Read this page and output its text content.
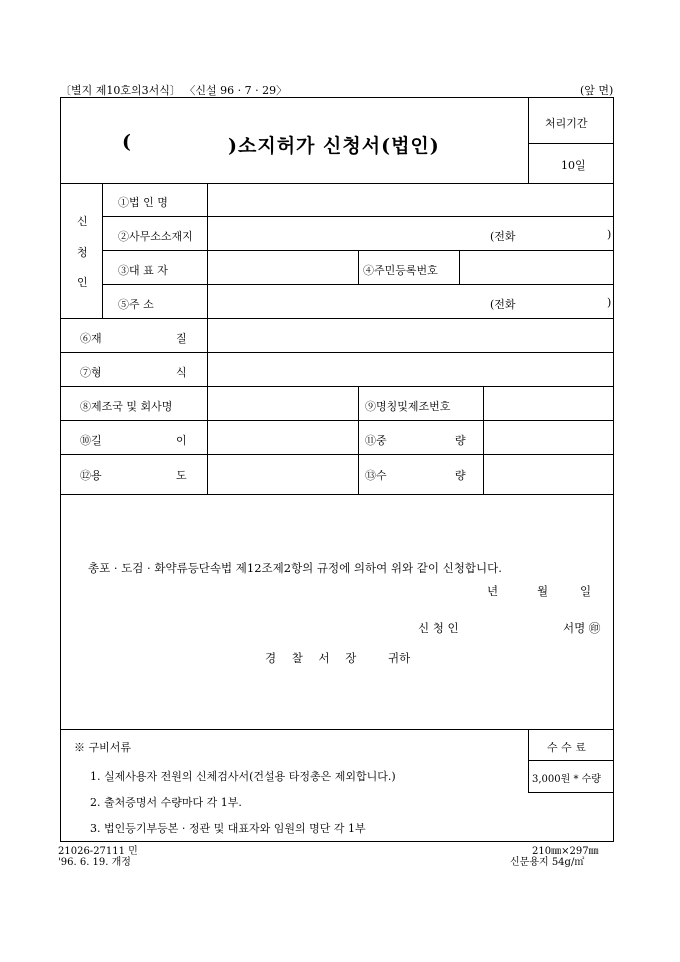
〔별지 제10호의3서식〕 〈신설 96 · 7 · 29〉	(앞 면)
(	)소지허가 신청서(법인)
처리기간
10일
신
청
인
①법 인 명
②사무소소재지	(전화	)
③대 표 자	④주민등록번호
⑤주 소	(전화	)
⑥재	질
⑦형	식
⑧제조국 및 회사명	⑨명칭및제조번호
⑩길	이	⑪중	량
⑫용	도	⑬수	량
총포 · 도검 · 화약류등단속법 제12조제2항의 규정에 의하여 위와 같이 신청합니다.
년	월	일
신 청 인	서명 ㊞
경 찰 서 장 귀하
※ 구비서류
1. 실제사용자 전원의 신체검사서(건설용 타정총은 제외합니다.)
2. 출처증명서 수량마다 각 1부.
3. 법인등기부등본 · 정관 및 대표자와 임원의 명단 각 1부
수 수 료
3,000원 * 수량
21026-27111 민
'96. 6. 19. 개정
210㎜×297㎜
신문용지 54g/㎡
